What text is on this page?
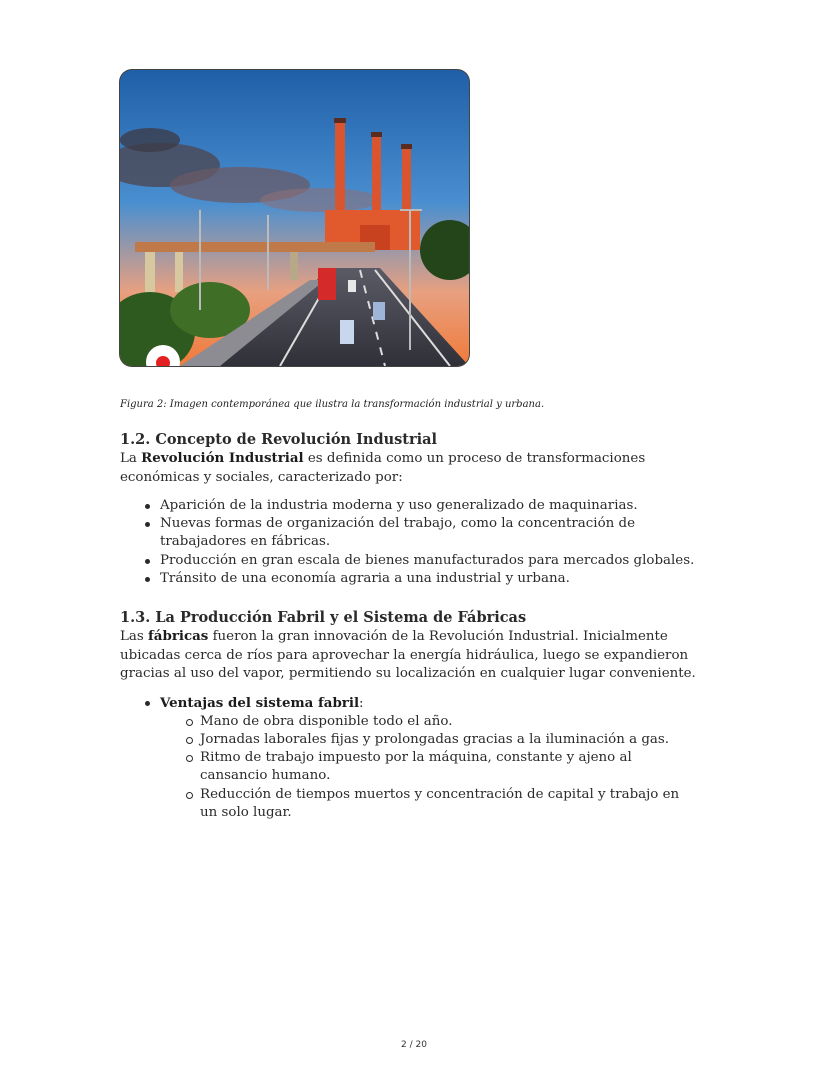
Figura 2: Imagen contemporánea que ilustra la transformación industrial y urbana.
1.2. Concepto de Revolución Industrial

La Revolución Industrial es definida como un proceso de transformaciones económicas y sociales, caracterizado por:

Aparición de la industria moderna y uso generalizado de maquinarias.
Nuevas formas de organización del trabajo, como la concentración de trabajadores en fábricas.
Producción en gran escala de bienes manufacturados para mercados globales.
Tránsito de una economía agraria a una industrial y urbana.
1.3. La Producción Fabril y el Sistema de Fábricas

Las fábricas fueron la gran innovación de la Revolución Industrial. Inicialmente ubicadas cerca de ríos para aprovechar la energía hidráulica, luego se expandieron gracias al uso del vapor, permitiendo su localización en cualquier lugar conveniente.

Ventajas del sistema fabril:
Mano de obra disponible todo el año.
Jornadas laborales fijas y prolongadas gracias a la iluminación a gas.
Ritmo de trabajo impuesto por la máquina, constante y ajeno al cansancio humano.
Reducción de tiempos muertos y concentración de capital y trabajo en un solo lugar.
2 / 20
